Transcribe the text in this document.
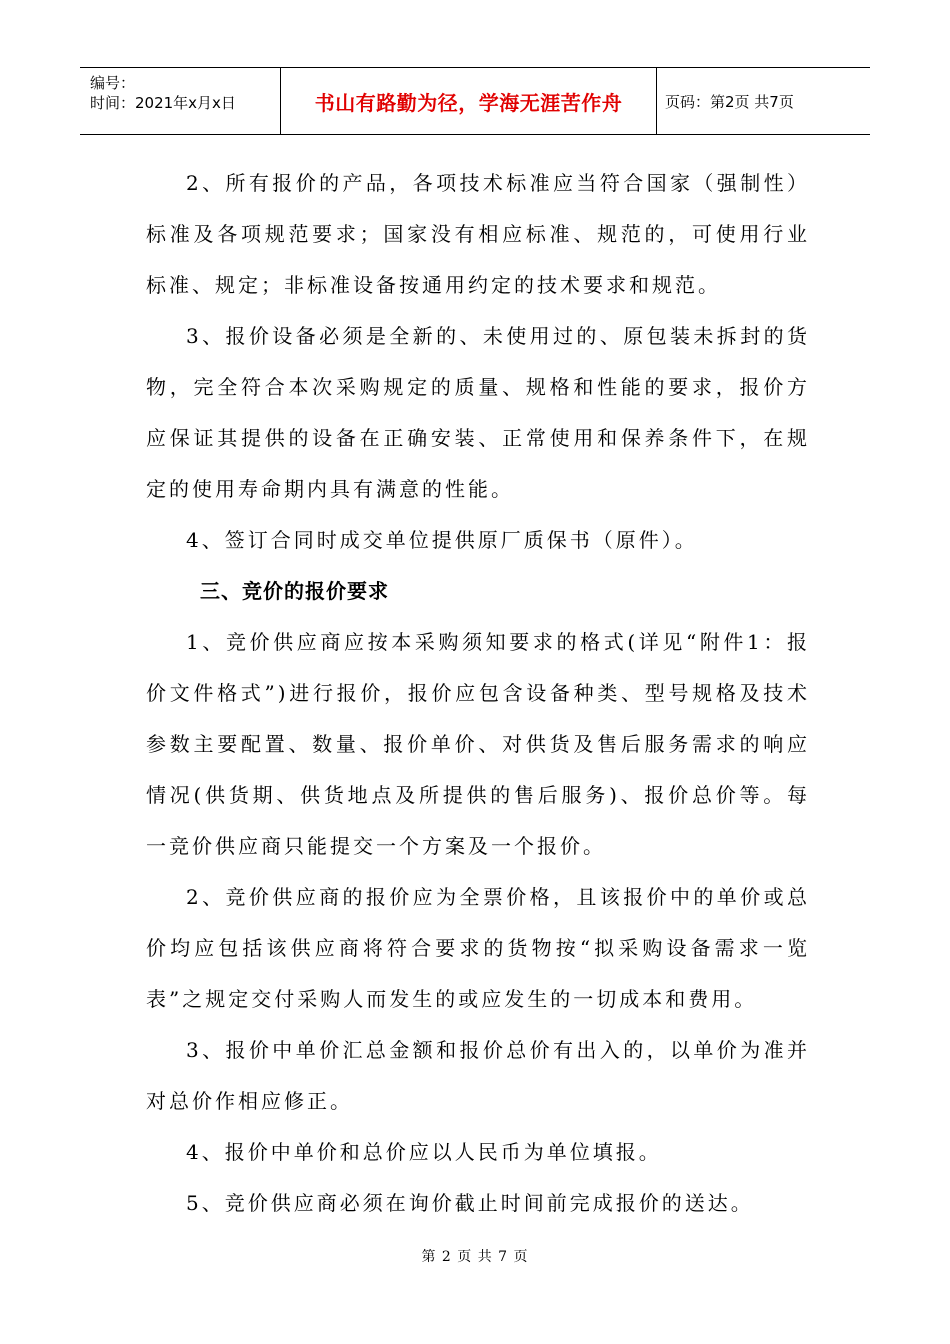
编号：
时间：2021年x月x日	书山有路勤为径，学海无涯苦作舟	页码：第2页 共7页

2、所有报价的产品，各项技术标准应当符合国家（强制性）标准及各项规范要求；国家没有相应标准、规范的，可使用行业标准、规定；非标准设备按通用约定的技术要求和规范。

3、报价设备必须是全新的、未使用过的、原包装未拆封的货物，完全符合本次采购规定的质量、规格和性能的要求，报价方应保证其提供的设备在正确安装、正常使用和保养条件下，在规定的使用寿命期内具有满意的性能。

4、签订合同时成交单位提供原厂质保书（原件）。

三、竞价的报价要求

1、竞价供应商应按本采购须知要求的格式(详见“附件1：报价文件格式”)进行报价，报价应包含设备种类、型号规格及技术参数主要配置、数量、报价单价、对供货及售后服务需求的响应情况(供货期、供货地点及所提供的售后服务)、报价总价等。每一竞价供应商只能提交一个方案及一个报价。

2、竞价供应商的报价应为全票价格，且该报价中的单价或总价均应包括该供应商将符合要求的货物按“拟采购设备需求一览表”之规定交付采购人而发生的或应发生的一切成本和费用。

3、报价中单价汇总金额和报价总价有出入的，以单价为准并对总价作相应修正。

4、报价中单价和总价应以人民币为单位填报。

5、竞价供应商必须在询价截止时间前完成报价的送达。

第 2 页 共 7 页
